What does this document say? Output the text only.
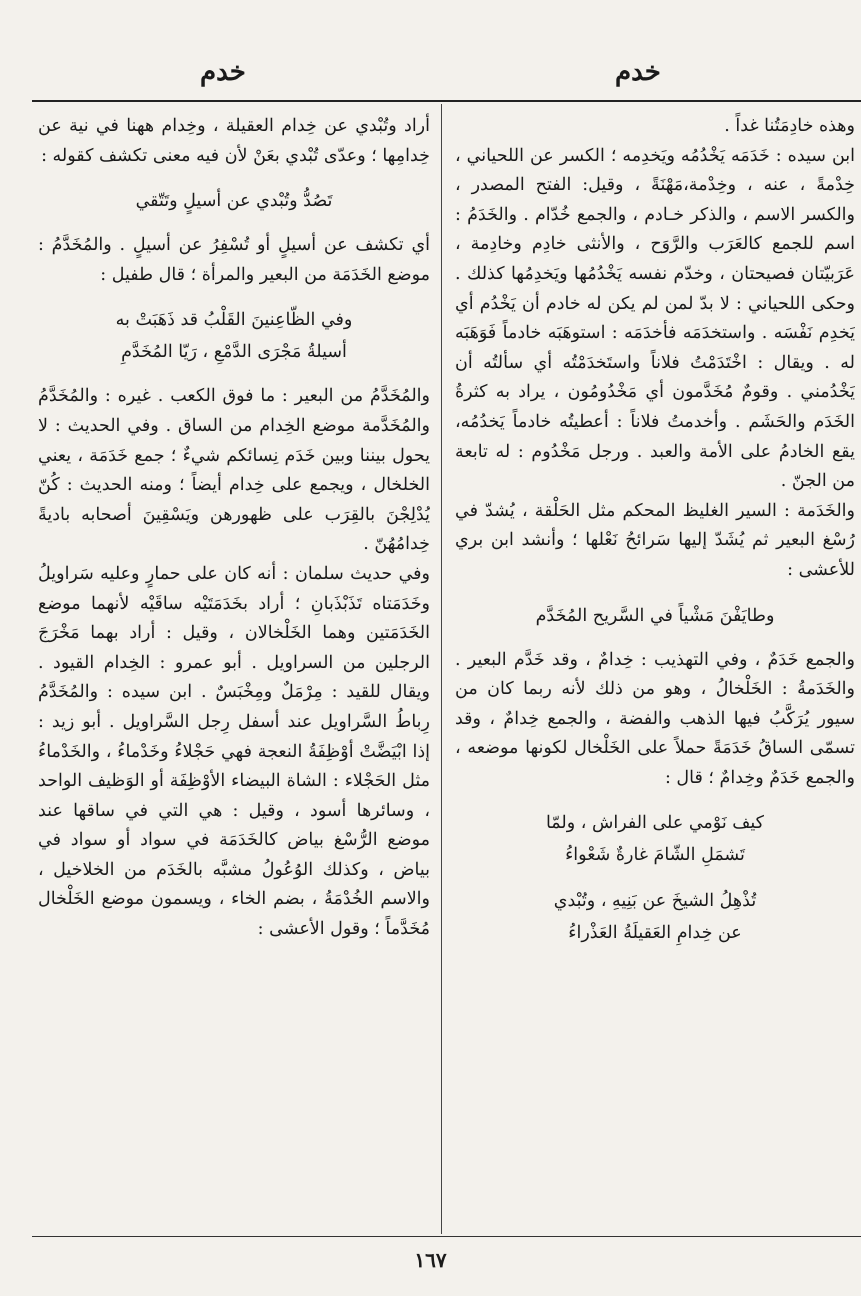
خدم	خدم

وهذه خادِمَتُنا غداً .

ابن سيده : خَدَمَه يَخْدُمُه ويَخدِمه ؛ الكسر عن اللحياني ، خِدْمةً ، عنه ، وخِدْمة،مَهْنَةً ، وقيل: الفتح المصدر ، والكسر الاسم ، والذكر خـادم ، والجمع خُدّام . والخَدَمُ : اسم للجمع كالعَرَب والرَّوَح ، والأنثى خادِم وخادِمة ، عَرَبيّتان فصيحتان ، وخدّم نفسه يَخْدُمُها ويَخدِمُها كذلك . وحكى اللحياني : لا بدّ لمن لم يكن له خادم أن يَخْدُم أي يَخدِم نَفْسَه . واستخدَمَه فأخدَمَه : استوهَبَه خادماً فَوَهَبَه له . ويقال : اخْتَدَمْتُ فلاناً واستَخدَمْتُه أي سألتُه أن يَخْدُمني . وقومٌ مُخَدَّمون أي مَخْدُومُون ، يراد به كثرةُ الخَدَم والحَشَم . وأخدمتُ فلاناً : أعطيتُه خادماً يَخدُمُه، يقع الخادمُ على الأمة والعبد . ورجل مَخْدُوم : له تابعة من الجنّ .

والخَدَمة : السير الغليظ المحكم مثل الحَلْقة ، يُشدّ في رُسْغ البعير ثم يُشَدّ إليها سَرائحُ نَعْلها ؛ وأنشد ابن بري للأعشى :

وطايَفْنَ مَشْياً في السَّريح المُخَدَّم

والجمع خَدَمٌ ، وفي التهذيب : خِدامٌ ، وقد خَدَّم البعير . والخَدَمةُ : الخَلْخالُ ، وهو من ذلك لأنه ربما كان من سيور يُرَكَّبُ فيها الذهب والفضة ، والجمع خِدامٌ ، وقد تسمّى الساقُ خَدَمَةً حملاً على الخَلْخال لكونها موضعه ، والجمع خَدَمٌ وخِدامٌ ؛ قال :

كيف نَوْمي على الفراش ، ولمّا
تَشمَلِ الشّامَ غارةٌ شَعْواءُ

تُذْهِلُ الشيخَ عن بَنِيهِ ، وتُبْدي
عن خِدامِ العَقيلَةُ العَذْراءُ

أراد وتُبْدي عن خِدام العقيلة ، وخِدام ههنا في نية عن خِدامِها ؛ وعدّى تُبْدي بعَنْ لأن فيه معنى تكشف كقوله :

تَصُدُّ وتُبْدي عن أسيلٍ وتَتّقي

أي تكشف عن أسيلٍ أو تُسْفِرُ عن أسيلٍ . والمُخَدَّمُ : موضع الخَدَمَة من البعير والمرأة ؛ قال طفيل :

وفي الظّاعِنينَ القَلْبُ قد ذَهَبَتْ به
أسيلةُ مَجْرَى الدَّمْعِ ، رَيّا المُخَدَّمِ

والمُخَدَّمُ من البعير : ما فوق الكعب . غيره : والمُخَدَّمُ والمُخَدَّمة موضع الخِدام من الساق . وفي الحديث : لا يحول بيننا وبين خَدَم نِسائكم شيءٌ ؛ جمع خَدَمَة ، يعني الخلخال ، ويجمع على خِدام أيضاً ؛ ومنه الحديث : كُنّ يُدْلِجْنَ بالقِرَب على ظهورهن ويَسْقِينَ أصحابه باديةً خِدامُهُنّ .

وفي حديث سلمان : أنه كان على حمارٍ وعليه سَراويلُ وخَدَمَتاه تَذَبْذَبانِ ؛ أراد بخَدَمَتَيْه ساقَيْه لأنهما موضع الخَدَمَتين وهما الخَلْخالان ، وقيل : أراد بهما مَخْرَجَ الرجلين من السراويل . أبو عمرو : الخِدام القيود . ويقال للقيد : مِرْمَلٌ ومِخْبَسٌ . ابن سيده : والمُخَدَّمُ رِباطُ السَّراويل عند أسفل رِجل السَّراويل . أبو زيد : إذا ابْيَضَّتْ أوْظِفَةُ النعجة فهي حَجْلاءُ وخَدْماءُ ، والخَدْماءُ مثل الحَجْلاء : الشاة البيضاء الأوْظِفَة أو الوَظيف الواحد ، وسائرها أسود ، وقيل : هي التي في ساقها عند موضع الرُّسْغ بياض كالخَدَمَة في سواد أو سواد في بياض ، وكذلك الوُعُولُ مشبَّه بالخَدَم من الخلاخيل ، والاسم الخُدْمَةُ ، بضم الخاء ، ويسمون موضع الخَلْخال مُخَدَّماً ؛ وقول الأعشى :

١٦٧
